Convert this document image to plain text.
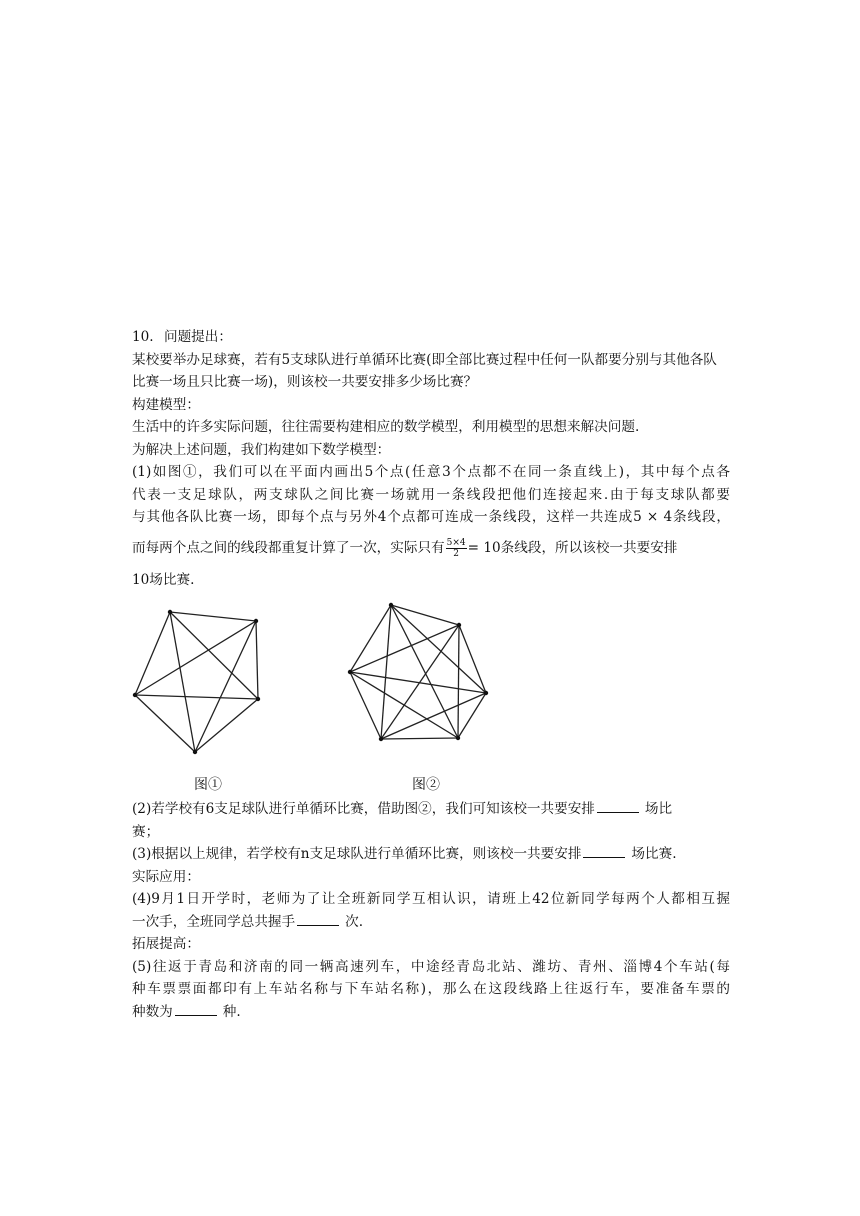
10. 问题提出：
某校要举办足球赛，若有5支球队进行单循环比赛(即全部比赛过程中任何一队都要分别与其他各队比赛一场且只比赛一场)，则该校一共要安排多少场比赛？
构建模型：
生活中的许多实际问题，往往需要构建相应的数学模型，利用模型的思想来解决问题.
为解决上述问题，我们构建如下数学模型：
(1)如图①，我们可以在平面内画出5个点(任意3个点都不在同一条直线上)，其中每个点各
代表一支足球队，两支球队之间比赛一场就用一条线段把他们连接起来.由于每支球队都要
与其他各队比赛一场，即每个点与另外4个点都可连成一条线段，这样一共连成5 × 4条线段，
而每两个点之间的线段都重复计算了一次，实际只有 $\frac{5\times 4}{2} = 10$条线段，所以该校一共要安排
10场比赛.
图①	图②
(2)若学校有6支足球队进行单循环比赛，借助图②，我们可知该校一共要安排	场比
赛；
(3)根据以上规律，若学校有n支足球队进行单循环比赛，则该校一共要安排	场比赛.
实际应用：
(4)9月1日开学时，老师为了让全班新同学互相认识，请班上42位新同学每两个人都相互握
一次手，全班同学总共握手	次.
拓展提高：
(5)往返于青岛和济南的同一辆高速列车，中途经青岛北站、潍坊、青州、淄博4个车站(每
种车票票面都印有上车站名称与下车站名称)，那么在这段线路上往返行车，要准备车票的
种数为	种.
